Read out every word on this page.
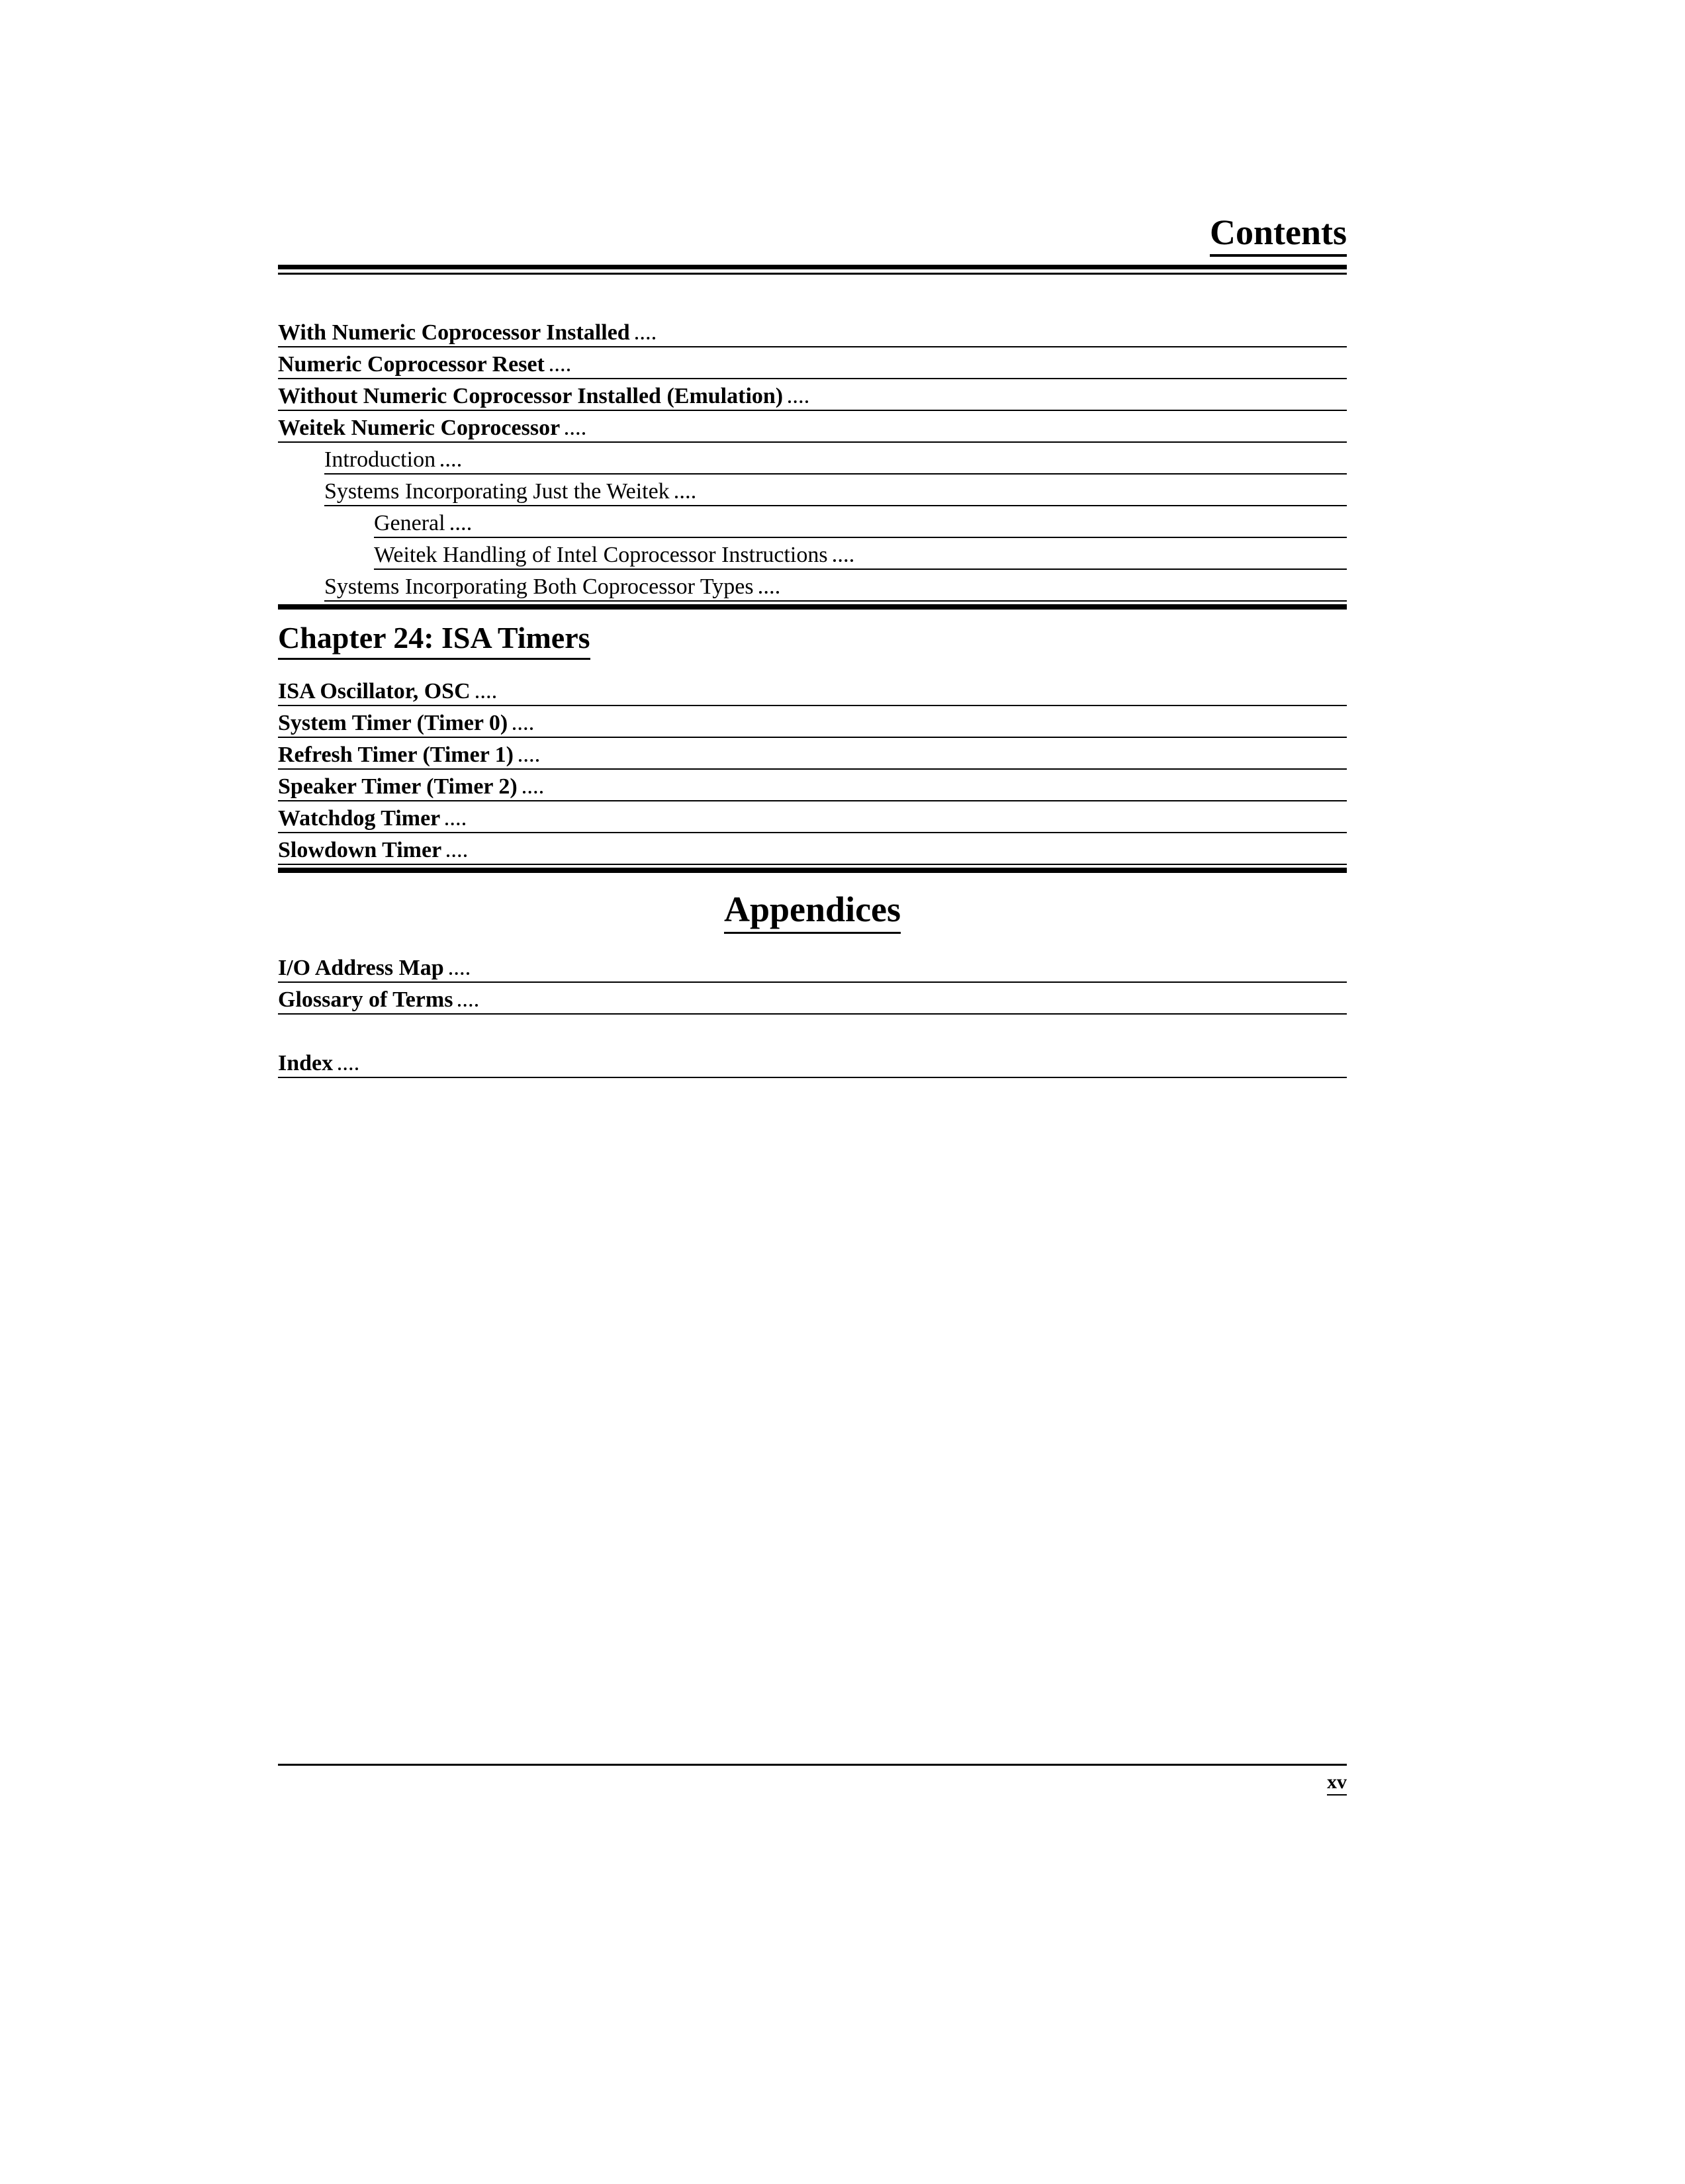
Contents
With Numeric Coprocessor Installed
Numeric Coprocessor Reset
Without Numeric Coprocessor Installed (Emulation)
Weitek Numeric Coprocessor
Introduction
Systems Incorporating Just the Weitek
General
Weitek Handling of Intel Coprocessor Instructions
Systems Incorporating Both Coprocessor Types
Chapter 24: ISA Timers
ISA Oscillator, OSC
System Timer (Timer 0)
Refresh Timer (Timer 1)
Speaker Timer (Timer 2)
Watchdog Timer
Slowdown Timer
Appendices
I/O Address Map
Glossary of Terms
Index
xv
